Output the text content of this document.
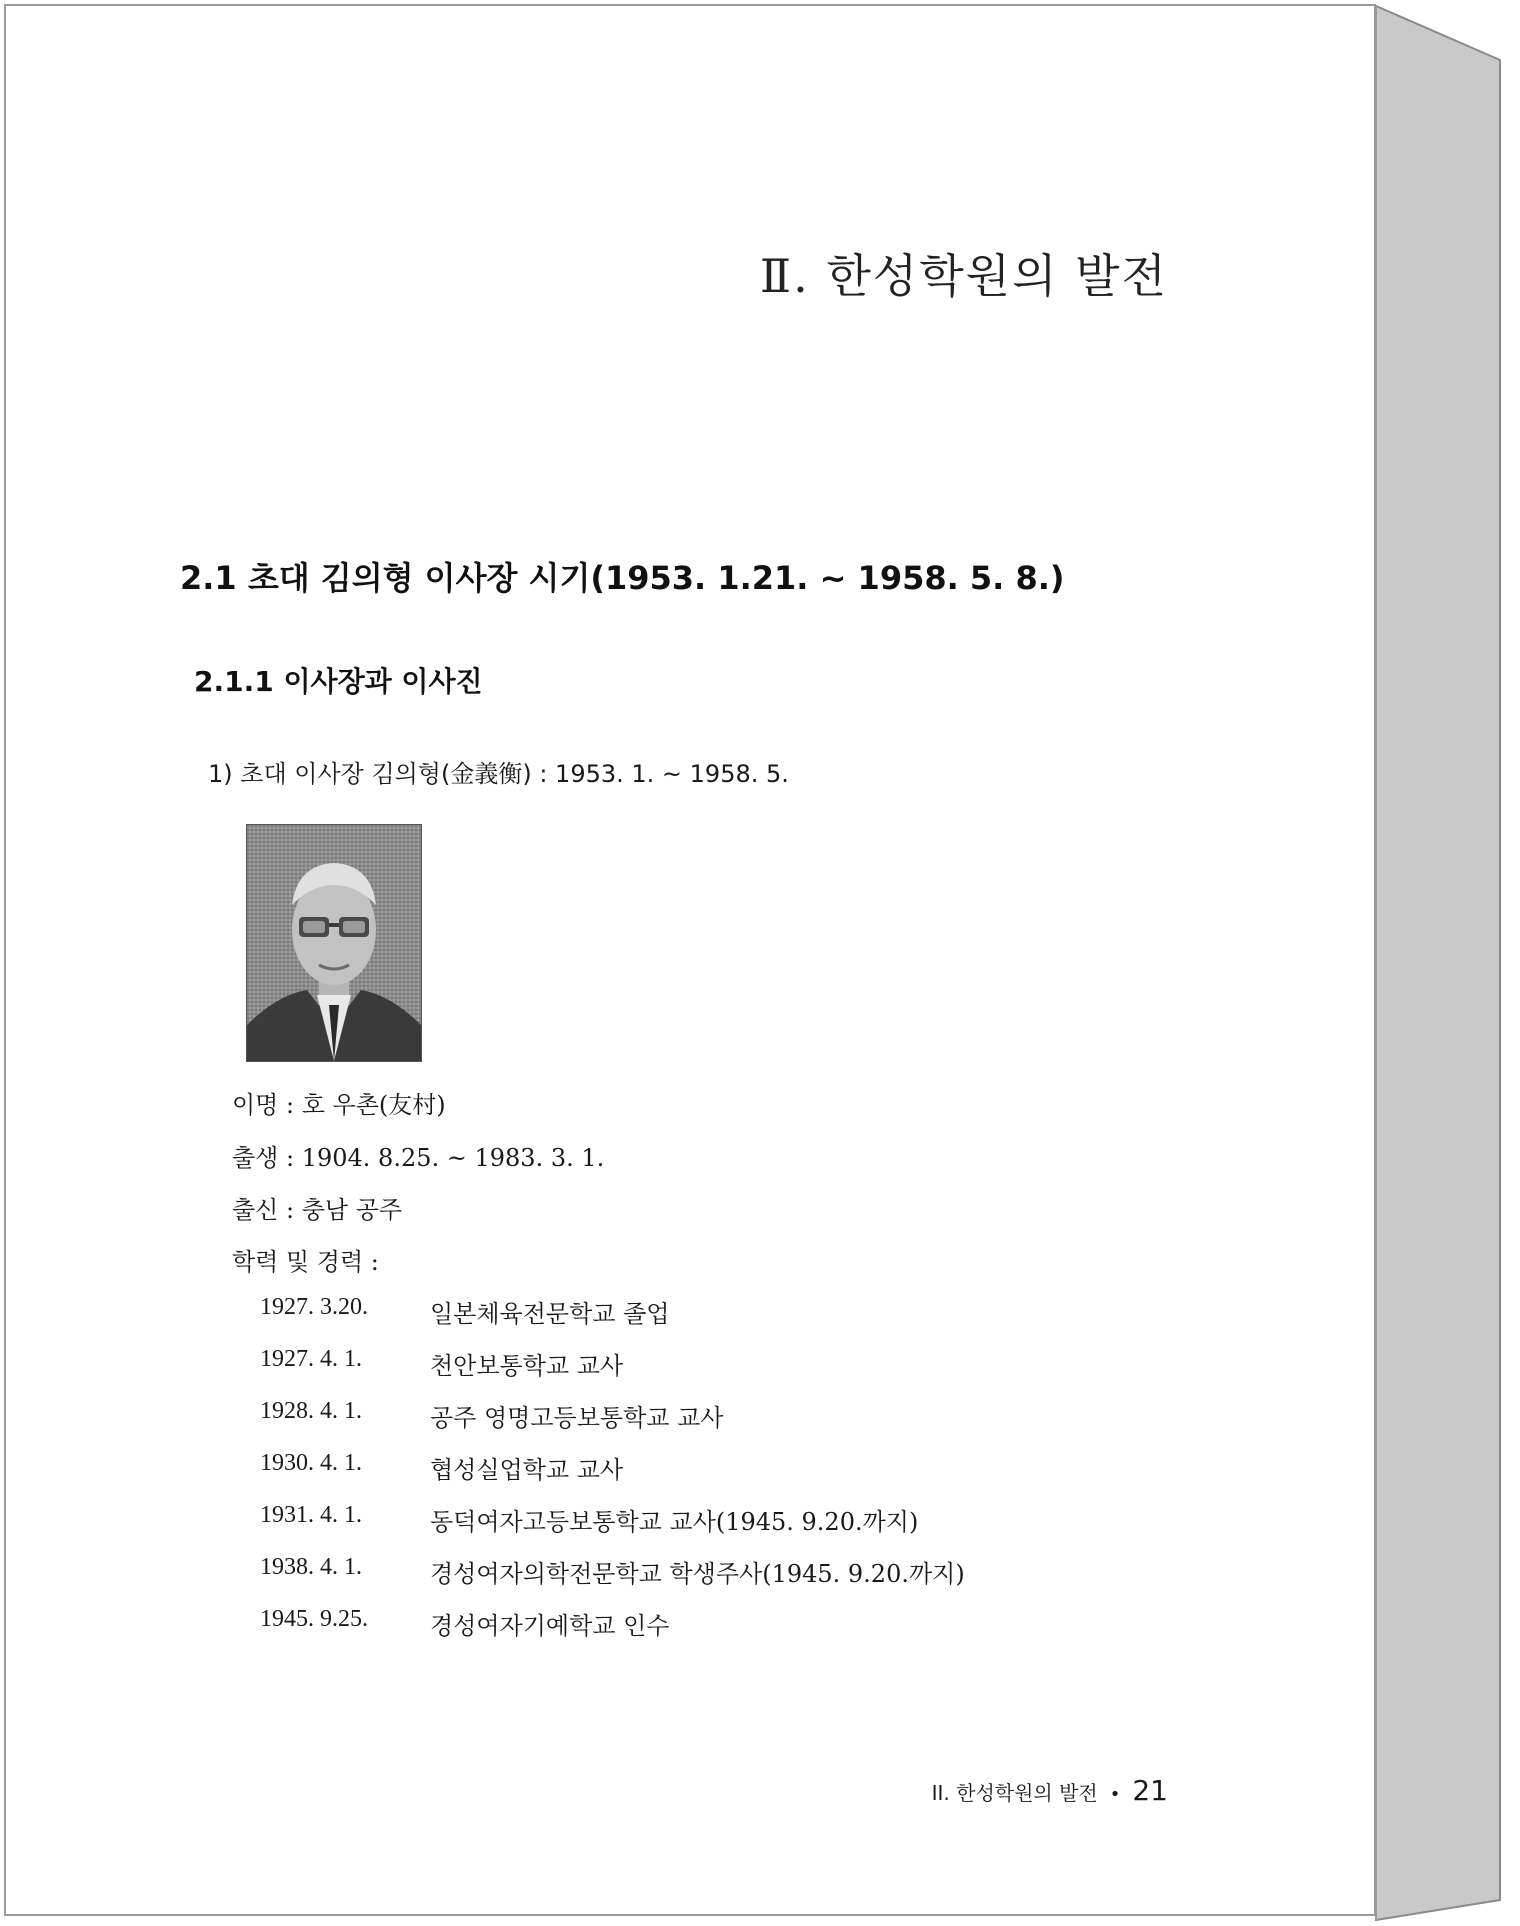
Ⅱ. 한성학원의 발전
2.1 초대 김의형 이사장 시기(1953. 1.21. ~ 1958. 5. 8.)
2.1.1 이사장과 이사진
1) 초대 이사장 김의형(金義衡) : 1953. 1. ~ 1958. 5.
이명 : 호 우촌(友村)
출생 : 1904. 8.25. ~ 1983. 3. 1.
출신 : 충남 공주
학력 및 경력 :
1927. 3.20.	일본체육전문학교 졸업
1927. 4. 1.	천안보통학교 교사
1928. 4. 1.	공주 영명고등보통학교 교사
1930. 4. 1.	협성실업학교 교사
1931. 4. 1.	동덕여자고등보통학교 교사(1945. 9.20.까지)
1938. 4. 1.	경성여자의학전문학교 학생주사(1945. 9.20.까지)
1945. 9.25.	경성여자기예학교 인수
II. 한성학원의 발전 • 21
